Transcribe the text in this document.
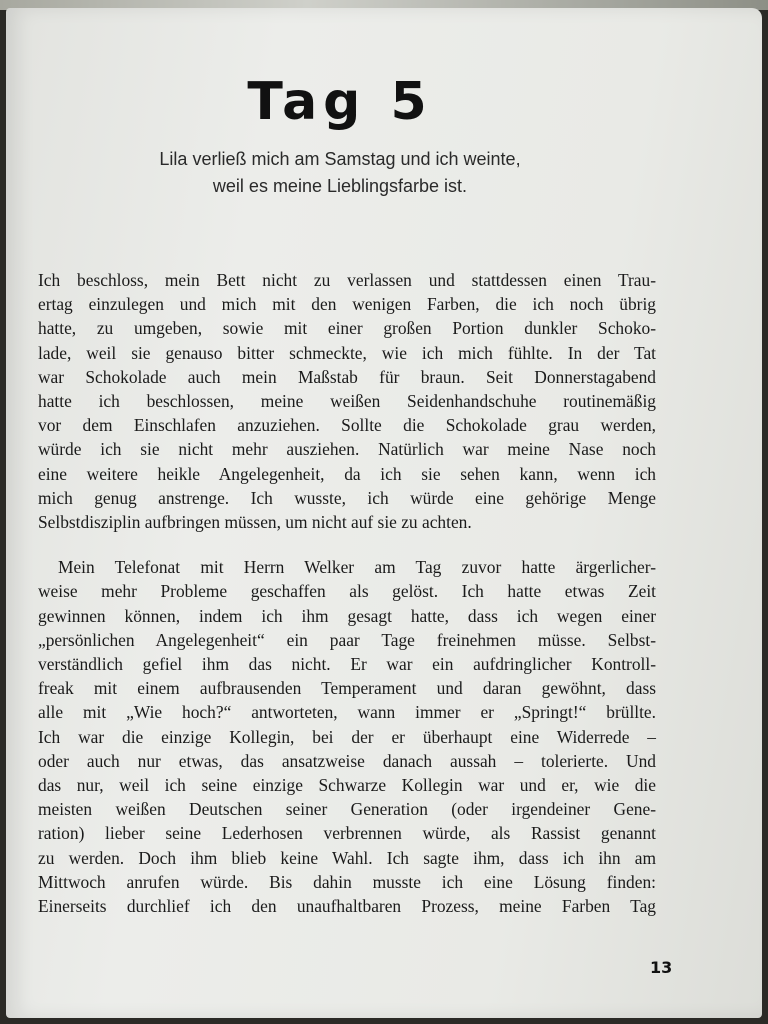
Tag 5
Lila verließ mich am Samstag und ich weinte,
weil es meine Lieblingsfarbe ist.

Ich beschloss, mein Bett nicht zu verlassen und stattdessen einen Trau-
ertag einzulegen und mich mit den wenigen Farben, die ich noch übrig
hatte, zu umgeben, sowie mit einer großen Portion dunkler Schoko-
lade, weil sie genauso bitter schmeckte, wie ich mich fühlte. In der Tat
war Schokolade auch mein Maßstab für braun. Seit Donnerstagabend
hatte ich beschlossen, meine weißen Seidenhandschuhe routinemäßig
vor dem Einschlafen anzuziehen. Sollte die Schokolade grau werden,
würde ich sie nicht mehr ausziehen. Natürlich war meine Nase noch
eine weitere heikle Angelegenheit, da ich sie sehen kann, wenn ich
mich genug anstrenge. Ich wusste, ich würde eine gehörige Menge
Selbstdisziplin aufbringen müssen, um nicht auf sie zu achten.

Mein Telefonat mit Herrn Welker am Tag zuvor hatte ärgerlicher-
weise mehr Probleme geschaffen als gelöst. Ich hatte etwas Zeit
gewinnen können, indem ich ihm gesagt hatte, dass ich wegen einer
„persönlichen Angelegenheit“ ein paar Tage freinehmen müsse. Selbst-
verständlich gefiel ihm das nicht. Er war ein aufdringlicher Kontroll-
freak mit einem aufbrausenden Temperament und daran gewöhnt, dass
alle mit „Wie hoch?“ antworteten, wann immer er „Springt!“ brüllte.
Ich war die einzige Kollegin, bei der er überhaupt eine Widerrede –
oder auch nur etwas, das ansatzweise danach aussah – tolerierte. Und
das nur, weil ich seine einzige Schwarze Kollegin war und er, wie die
meisten weißen Deutschen seiner Generation (oder irgendeiner Gene-
ration) lieber seine Lederhosen verbrennen würde, als Rassist genannt
zu werden. Doch ihm blieb keine Wahl. Ich sagte ihm, dass ich ihn am
Mittwoch anrufen würde. Bis dahin musste ich eine Lösung finden:
Einerseits durchlief ich den unaufhaltbaren Prozess, meine Farben Tag

13
